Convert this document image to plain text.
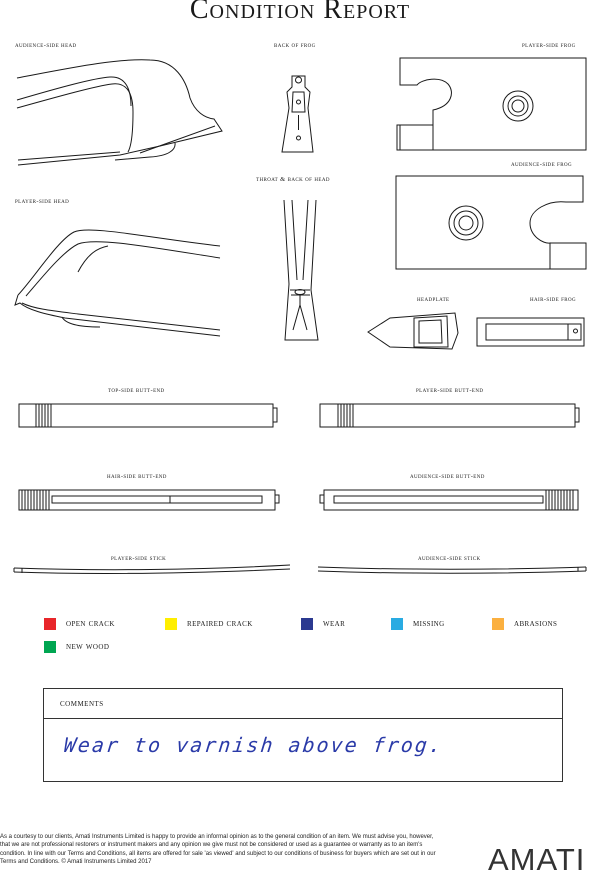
Condition Report
audience-side head	back of frog	player-side frog
audience-side frog
throat & back of head
player-side head
headplate	hair-side frog
top-side butt-end	player-side butt-end
hair-side butt-end	audience-side butt-end
player-side stick	audience-side stick
open crack	repaired crack	wear	missing	abrasions
new wood
comments
Wear to varnish above frog.
As a courtesy to our clients, Amati Instruments Limited is happy to provide an informal opinion as to the general condition of an item. We must advise you, however, that we are not professional restorers or instrument makers and any opinion we give must not be considered or used as a guarantee or warranty as to an item's condition. In line with our Terms and Conditions, all items are offered for sale 'as viewed' and subject to our conditions of business for buyers which are set out in our Terms and Conditions. © Amati Instruments Limited 2017	AMATI
